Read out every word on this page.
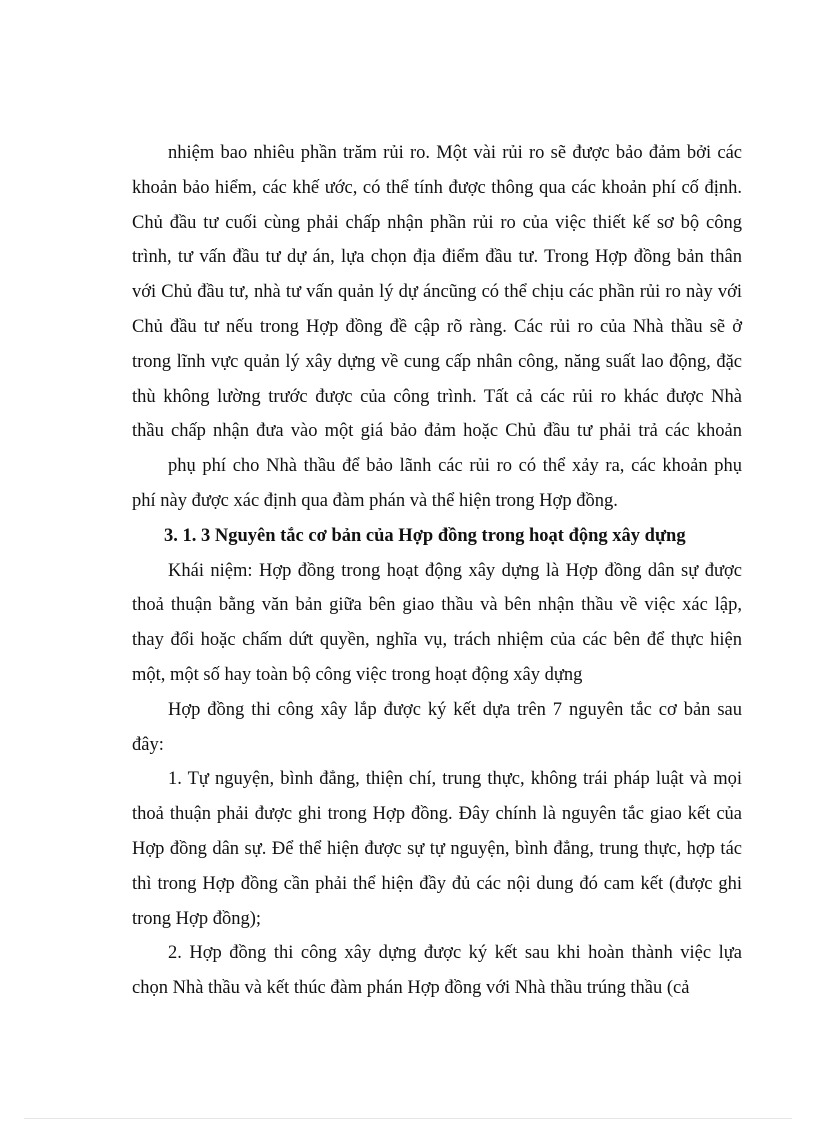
nhiệm bao nhiêu phần trăm rủi ro. Một vài rủi ro sẽ được bảo đảm bởi các
khoản bảo hiểm, các khế ước, có thể tính được thông qua các khoản phí cố định.
Chủ đầu tư cuối cùng phải chấp nhận phần rủi ro của việc thiết kế sơ bộ công
trình, tư vấn đầu tư dự án, lựa chọn địa điểm đầu tư. Trong Hợp đồng bản thân
với Chủ đầu tư, nhà tư vấn quản lý dự áncũng có thể chịu các phần rủi ro này với
Chủ đầu tư nếu trong Hợp đồng đề cập rõ ràng. Các rủi ro của Nhà thầu sẽ ở
trong lĩnh vực quản lý xây dựng về cung cấp nhân công, năng suất lao động, đặc
thù không lường trước được của công trình. Tất cả các rủi ro khác được Nhà
thầu chấp nhận đưa vào một giá bảo đảm hoặc Chủ đầu tư phải trả các khoản
phụ phí cho Nhà thầu để bảo lãnh các rủi ro có thể xảy ra, các khoản phụ
phí này được xác định qua đàm phán và thể hiện trong Hợp đồng.

3. 1. 3 Nguyên tắc cơ bản của Hợp đồng trong hoạt động xây dựng

Khái niệm: Hợp đồng trong hoạt động xây dựng là Hợp đồng dân sự được
thoả thuận bằng văn bản giữa bên giao thầu và bên nhận thầu về việc xác lập,
thay đổi hoặc chấm dứt quyền, nghĩa vụ, trách nhiệm của các bên để thực hiện
một, một số hay toàn bộ công việc trong hoạt động xây dựng

Hợp đồng thi công xây lắp được ký kết dựa trên 7 nguyên tắc cơ bản sau
đây:

1. Tự nguyện, bình đẳng, thiện chí, trung thực, không trái pháp luật và mọi
thoả thuận phải được ghi trong Hợp đồng. Đây chính là nguyên tắc giao kết của
Hợp đồng dân sự. Để thể hiện được sự tự nguyện, bình đẳng, trung thực, hợp tác
thì trong Hợp đồng cần phải thể hiện đầy đủ các nội dung đó cam kết (được ghi
trong Hợp đồng);

2. Hợp đồng thi công xây dựng được ký kết sau khi hoàn thành việc lựa
chọn Nhà thầu và kết thúc đàm phán Hợp đồng với Nhà thầu trúng thầu (cả
